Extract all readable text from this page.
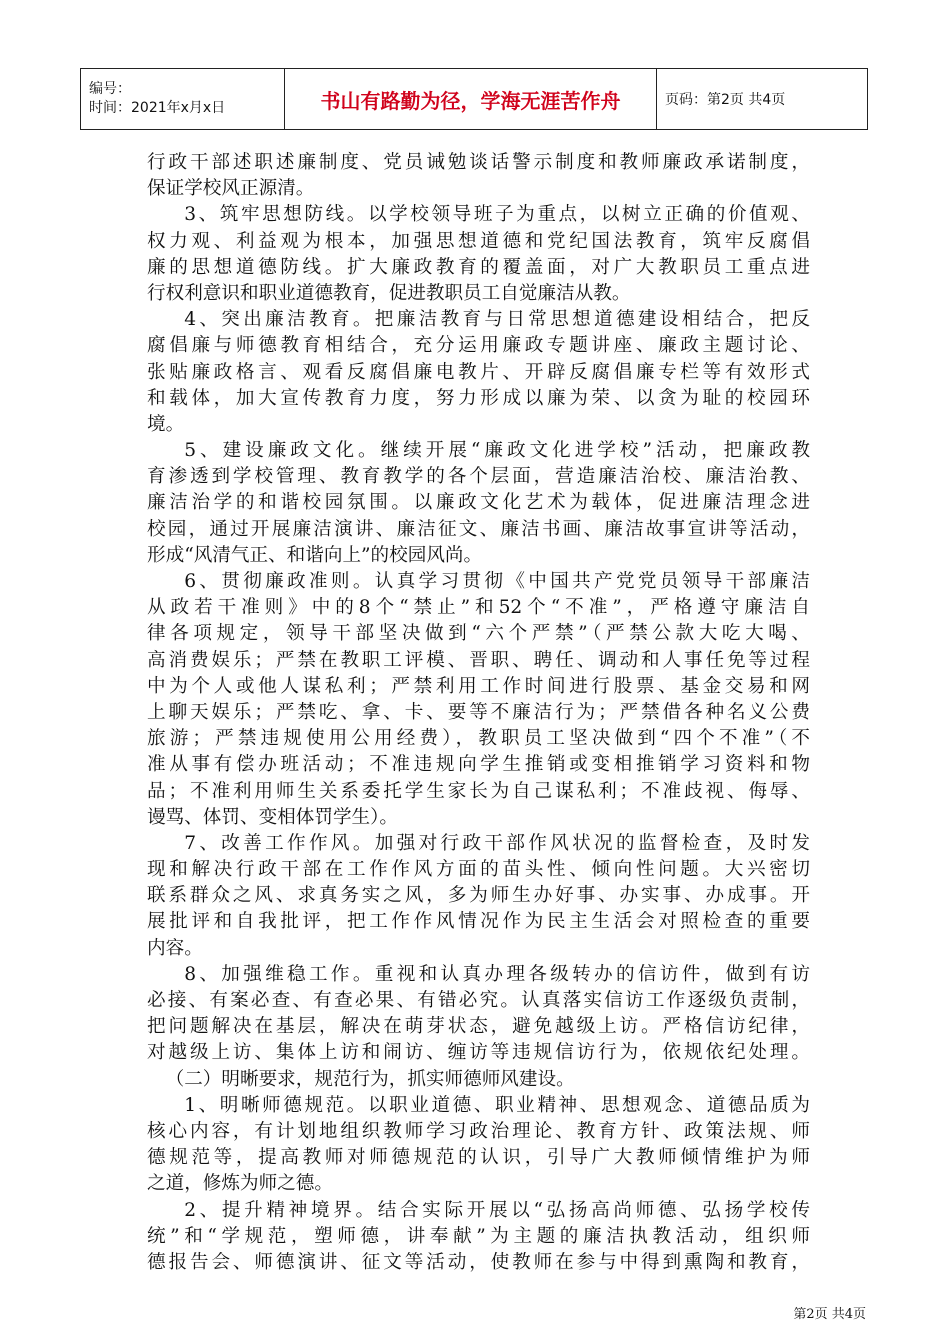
编号：
时间：2021年x月x日	书山有路勤为径，学海无涯苦作舟	页码：第2页 共4页
行政干部述职述廉制度、党员诫勉谈话警示制度和教师廉政承诺制度，
保证学校风正源清。
3、筑牢思想防线。以学校领导班子为重点，以树立正确的价值观、
权力观、利益观为根本，加强思想道德和党纪国法教育，筑牢反腐倡
廉的思想道德防线。扩大廉政教育的覆盖面，对广大教职员工重点进
行权利意识和职业道德教育，促进教职员工自觉廉洁从教。
4、突出廉洁教育。把廉洁教育与日常思想道德建设相结合，把反
腐倡廉与师德教育相结合，充分运用廉政专题讲座、廉政主题讨论、
张贴廉政格言、观看反腐倡廉电教片、开辟反腐倡廉专栏等有效形式
和载体，加大宣传教育力度，努力形成以廉为荣、以贪为耻的校园环
境。
5、建设廉政文化。继续开展“廉政文化进学校”活动，把廉政教
育渗透到学校管理、教育教学的各个层面，营造廉洁治校、廉洁治教、
廉洁治学的和谐校园氛围。以廉政文化艺术为载体，促进廉洁理念进
校园，通过开展廉洁演讲、廉洁征文、廉洁书画、廉洁故事宣讲等活动，
形成“风清气正、和谐向上”的校园风尚。
6、贯彻廉政准则。认真学习贯彻《中国共产党党员领导干部廉洁
从政若干准则》中的8个“禁止”和52个“不准”，严格遵守廉洁自
律各项规定，领导干部坚决做到“六个严禁”（严禁公款大吃大喝、
高消费娱乐；严禁在教职工评模、晋职、聘任、调动和人事任免等过程
中为个人或他人谋私利；严禁利用工作时间进行股票、基金交易和网
上聊天娱乐；严禁吃、拿、卡、要等不廉洁行为；严禁借各种名义公费
旅游；严禁违规使用公用经费），教职员工坚决做到“四个不准”（不
准从事有偿办班活动；不准违规向学生推销或变相推销学习资料和物
品；不准利用师生关系委托学生家长为自己谋私利；不准歧视、侮辱、
谩骂、体罚、变相体罚学生）。
7、改善工作作风。加强对行政干部作风状况的监督检查，及时发
现和解决行政干部在工作作风方面的苗头性、倾向性问题。大兴密切
联系群众之风、求真务实之风，多为师生办好事、办实事、办成事。开
展批评和自我批评，把工作作风情况作为民主生活会对照检查的重要
内容。
8、加强维稳工作。重视和认真办理各级转办的信访件，做到有访
必接、有案必查、有查必果、有错必究。认真落实信访工作逐级负责制，
把问题解决在基层，解决在萌芽状态，避免越级上访。严格信访纪律，
对越级上访、集体上访和闹访、缠访等违规信访行为，依规依纪处理。
（二）明晰要求，规范行为，抓实师德师风建设。
1、明晰师德规范。以职业道德、职业精神、思想观念、道德品质为
核心内容，有计划地组织教师学习政治理论、教育方针、政策法规、师
德规范等，提高教师对师德规范的认识，引导广大教师倾情维护为师
之道，修炼为师之德。
2、提升精神境界。结合实际开展以“弘扬高尚师德、弘扬学校传
统”和“学规范，塑师德，讲奉献”为主题的廉洁执教活动，组织师
德报告会、师德演讲、征文等活动，使教师在参与中得到熏陶和教育，
第2页 共4页
